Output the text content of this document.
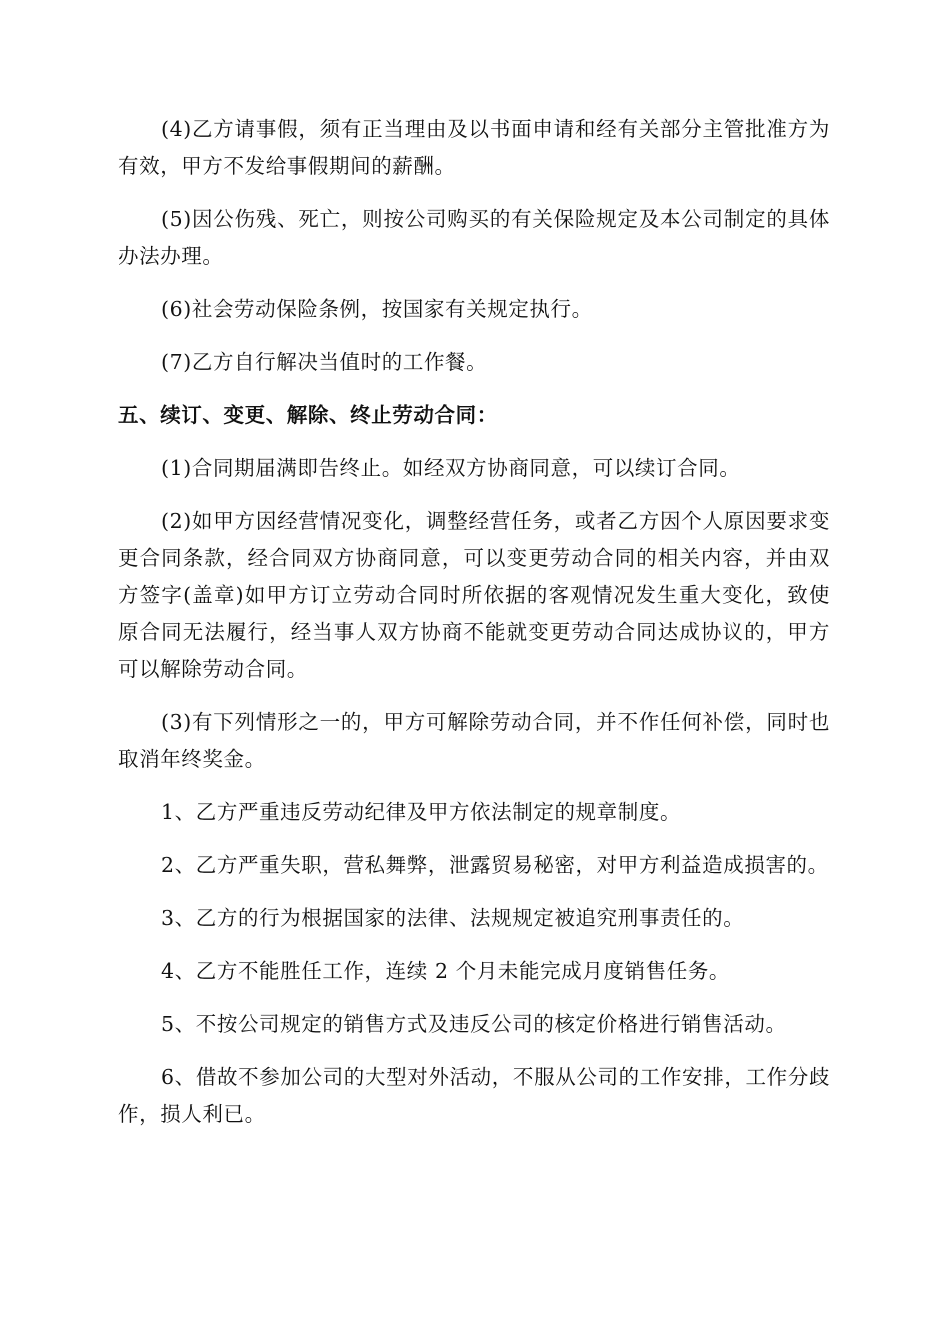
(4)乙方请事假，须有正当理由及以书面申请和经有关部分主管批准方为有效，甲方不发给事假期间的薪酬。

(5)因公伤残、死亡，则按公司购买的有关保险规定及本公司制定的具体办法办理。

(6)社会劳动保险条例，按国家有关规定执行。

(7)乙方自行解决当值时的工作餐。

五、续订、变更、解除、终止劳动合同：

(1)合同期届满即告终止。如经双方协商同意，可以续订合同。

(2)如甲方因经营情况变化，调整经营任务，或者乙方因个人原因要求变更合同条款，经合同双方协商同意，可以变更劳动合同的相关内容，并由双方签字(盖章)如甲方订立劳动合同时所依据的客观情况发生重大变化，致使原合同无法履行，经当事人双方协商不能就变更劳动合同达成协议的，甲方可以解除劳动合同。

(3)有下列情形之一的，甲方可解除劳动合同，并不作任何补偿，同时也取消年终奖金。

1、乙方严重违反劳动纪律及甲方依法制定的规章制度。

2、乙方严重失职，营私舞弊，泄露贸易秘密，对甲方利益造成损害的。

3、乙方的行为根据国家的法律、法规规定被追究刑事责任的。

4、乙方不能胜任工作，连续 2 个月未能完成月度销售任务。

5、不按公司规定的销售方式及违反公司的核定价格进行销售活动。

6、借故不参加公司的大型对外活动，不服从公司的工作安排，工作分歧作，损人利已。
